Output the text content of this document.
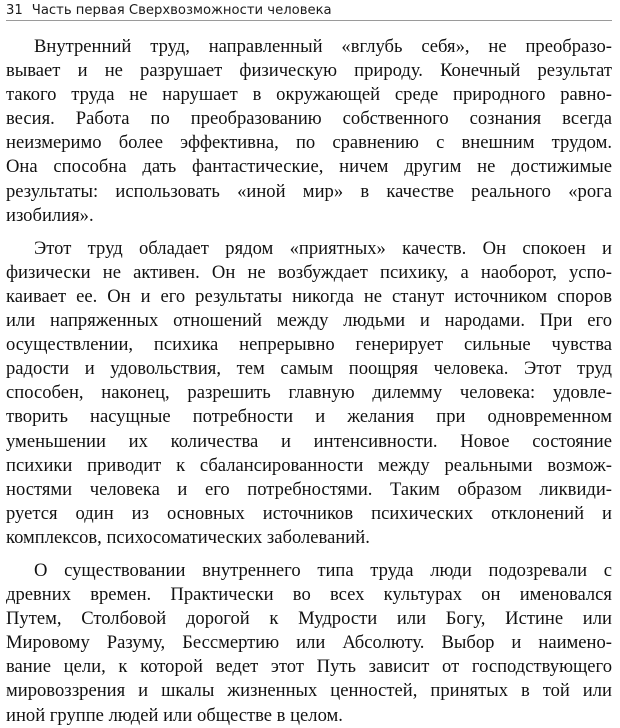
31 Часть первая Сверхвозможности человека

Внутренний труд, направленный «вглубь себя», не преобразо-
вывает и не разрушает физическую природу. Конечный результат
такого труда не нарушает в окружающей среде природного равно-
весия. Работа по преобразованию собственного сознания всегда
неизмеримо более эффективна, по сравнению с внешним трудом.
Она способна дать фантастические, ничем другим не достижимые
результаты: использовать «иной мир» в качестве реального «рога
изобилия».

Этот труд обладает рядом «приятных» качеств. Он спокоен и
физически не активен. Он не возбуждает психику, а наоборот, успо-
каивает ее. Он и его результаты никогда не станут источником споров
или напряженных отношений между людьми и народами. При его
осуществлении, психика непрерывно генерирует сильные чувства
радости и удовольствия, тем самым поощряя человека. Этот труд
способен, наконец, разрешить главную дилемму человека: удовле-
творить насущные потребности и желания при одновременном
уменьшении их количества и интенсивности. Новое состояние
психики приводит к сбалансированности между реальными возмож-
ностями человека и его потребностями. Таким образом ликвиди-
руется один из основных источников психических отклонений и
комплексов, психосоматических заболеваний.

О существовании внутреннего типа труда люди подозревали с
древних времен. Практически во всех культурах он именовался
Путем, Столбовой дорогой к Мудрости или Богу, Истине или
Мировому Разуму, Бессмертию или Абсолюту. Выбор и наимено-
вание цели, к которой ведет этот Путь зависит от господствующего
мировоззрения и шкалы жизненных ценностей, принятых в той или
иной группе людей или обществе в целом.
